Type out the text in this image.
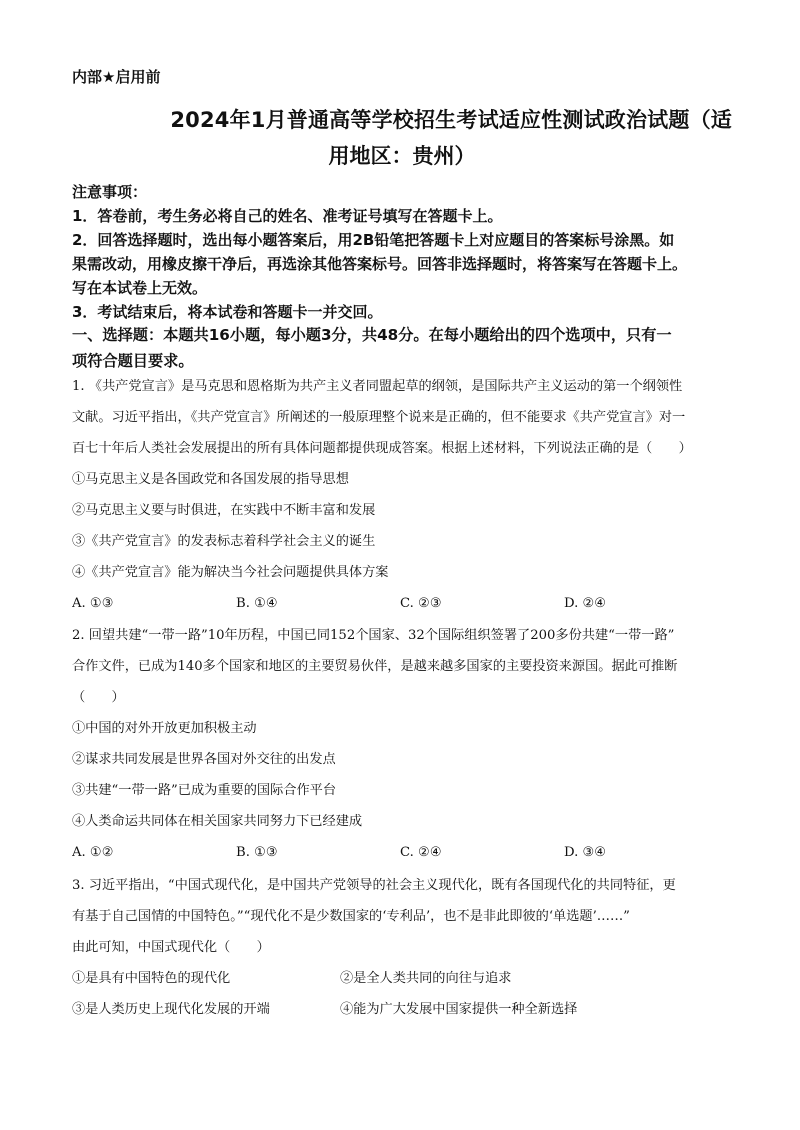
内部★启用前
2024年1月普通高等学校招生考试适应性测试政治试题（适
用地区：贵州）
注意事项：
1．答卷前，考生务必将自己的姓名、准考证号填写在答题卡上。
2．回答选择题时，选出每小题答案后，用2B铅笔把答题卡上对应题目的答案标号涂黑。如
果需改动，用橡皮擦干净后，再选涂其他答案标号。回答非选择题时，将答案写在答题卡上。
写在本试卷上无效。
3．考试结束后，将本试卷和答题卡一并交回。
一、选择题：本题共16小题，每小题3分，共48分。在每小题给出的四个选项中，只有一
项符合题目要求。
1. 《共产党宣言》是马克思和恩格斯为共产主义者同盟起草的纲领，是国际共产主义运动的第一个纲领性
文献。习近平指出，《共产党宣言》所阐述的一般原理整个说来是正确的，但不能要求《共产党宣言》对一
百七十年后人类社会发展提出的所有具体问题都提供现成答案。根据上述材料，下列说法正确的是（　　）
①马克思主义是各国政党和各国发展的指导思想
②马克思主义要与时俱进，在实践中不断丰富和发展
③《共产党宣言》的发表标志着科学社会主义的诞生
④《共产党宣言》能为解决当今社会问题提供具体方案
A. ①③	B. ①④	C. ②③	D. ②④
2. 回望共建“一带一路”10年历程，中国已同152个国家、32个国际组织签署了200多份共建“一带一路”
合作文件，已成为140多个国家和地区的主要贸易伙伴，是越来越多国家的主要投资来源国。据此可推断
（　　）
①中国的对外开放更加积极主动
②谋求共同发展是世界各国对外交往的出发点
③共建“一带一路”已成为重要的国际合作平台
④人类命运共同体在相关国家共同努力下已经建成
A. ①②	B. ①③	C. ②④	D. ③④
3. 习近平指出，“中国式现代化，是中国共产党领导的社会主义现代化，既有各国现代化的共同特征，更
有基于自己国情的中国特色。”“现代化不是少数国家的‘专利品’，也不是非此即彼的‘单选题’……”
由此可知，中国式现代化（　　）
①是具有中国特色的现代化	②是全人类共同的向往与追求
③是人类历史上现代化发展的开端	④能为广大发展中国家提供一种全新选择
